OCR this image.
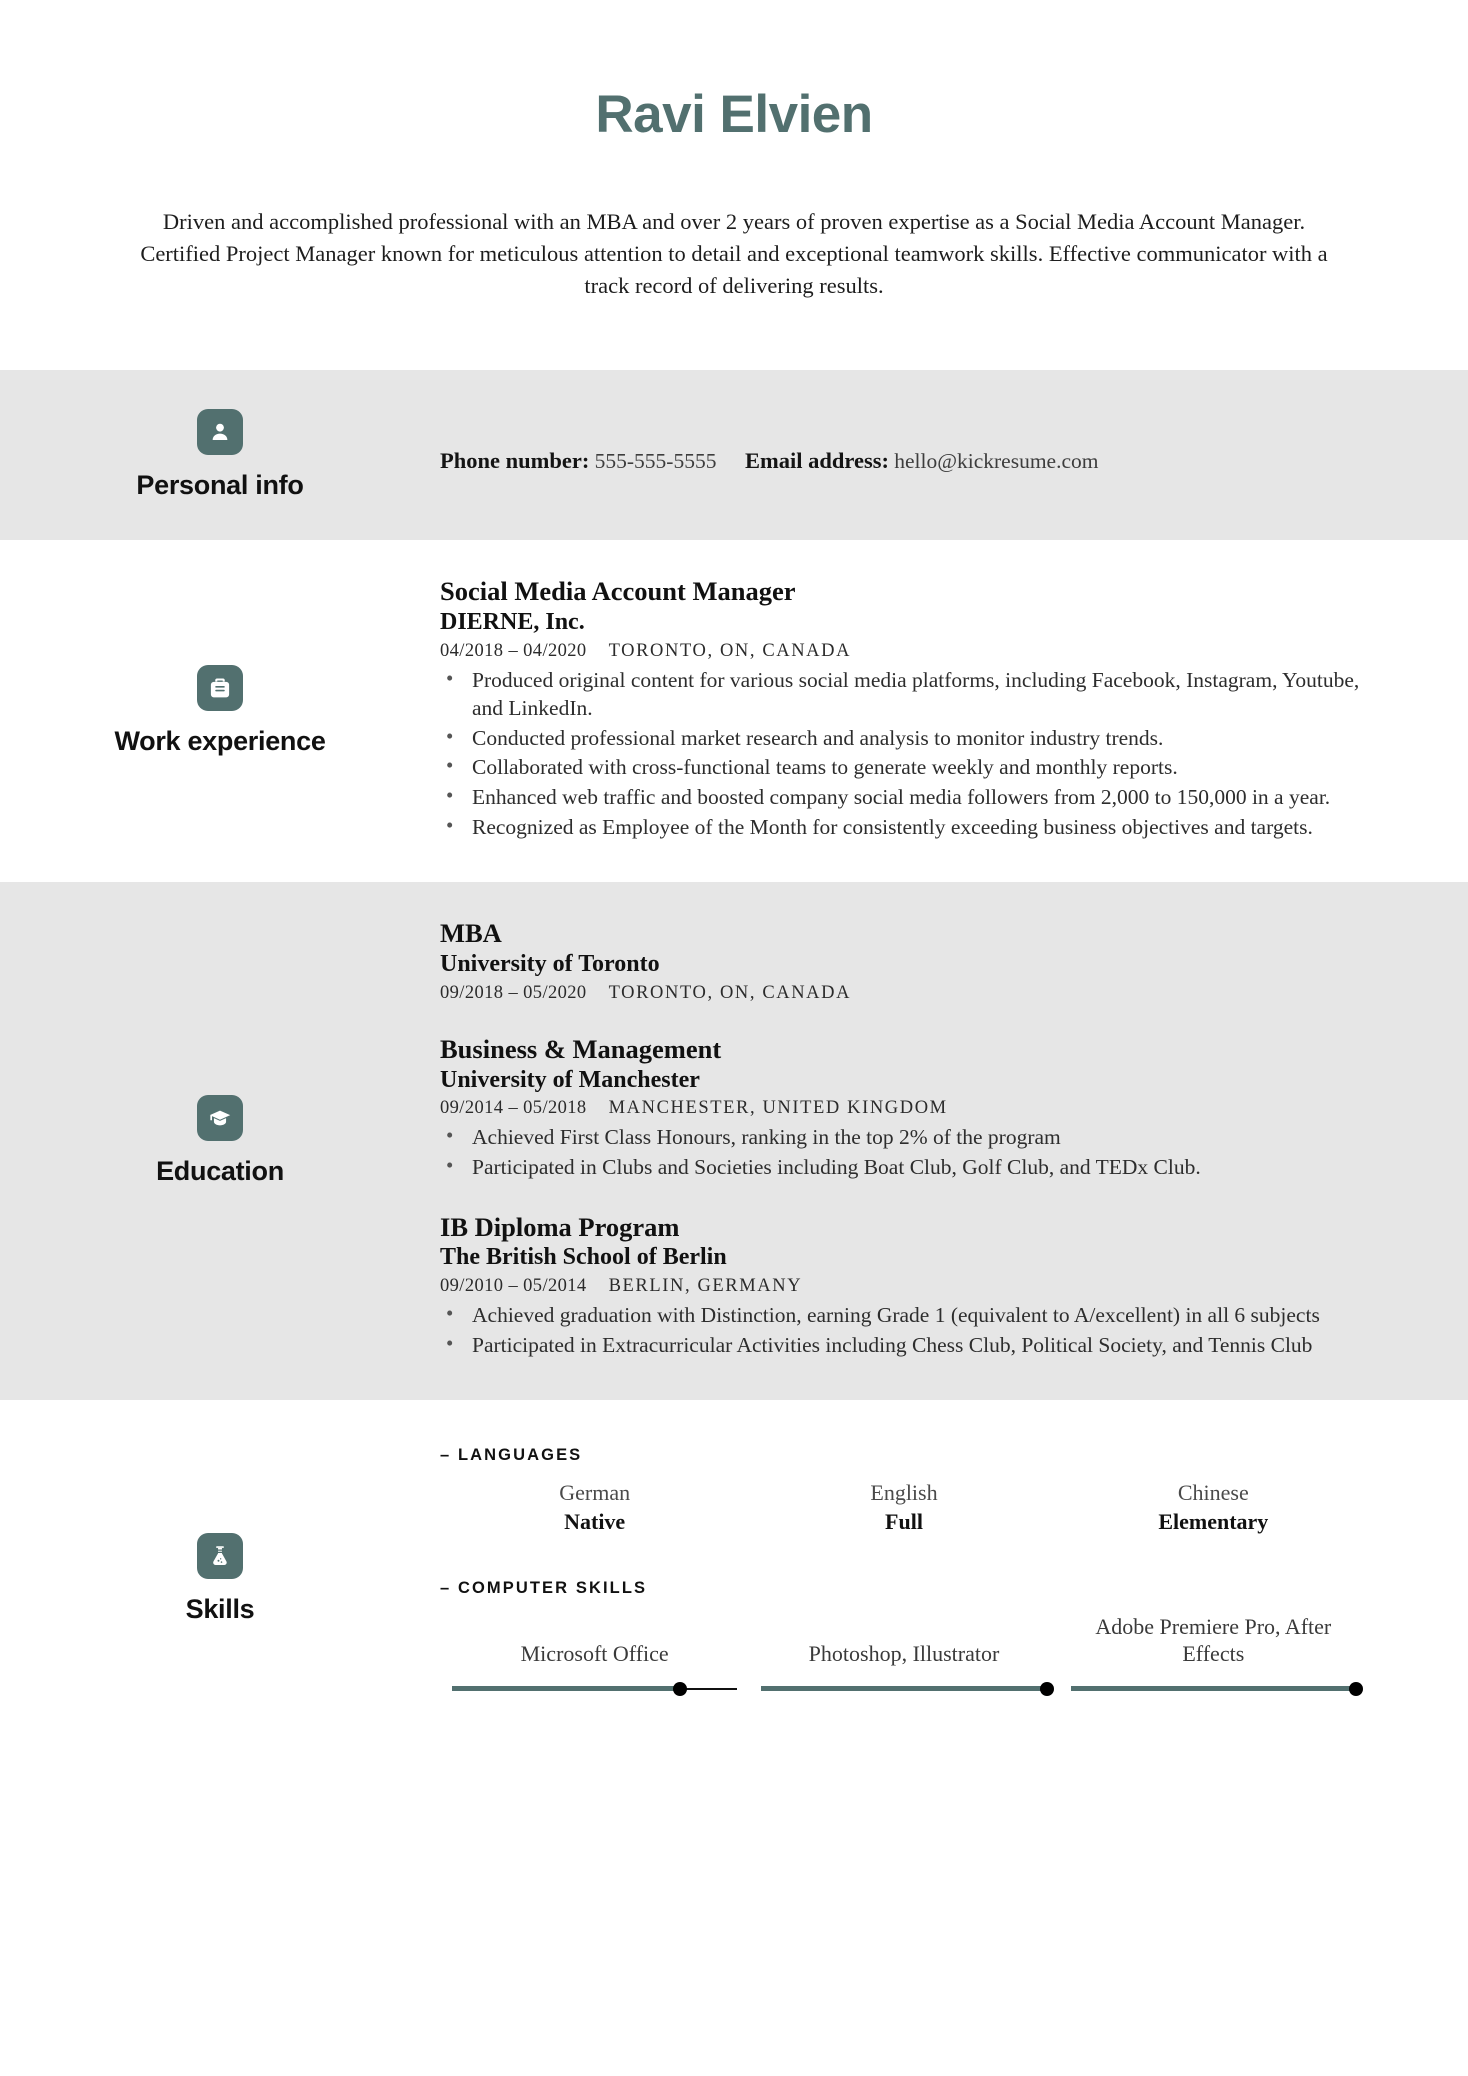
Ravi Elvien
Driven and accomplished professional with an MBA and over 2 years of proven expertise as a Social Media Account Manager. Certified Project Manager known for meticulous attention to detail and exceptional teamwork skills. Effective communicator with a track record of delivering results.
Personal info
Phone number: 555-555-5555 Email address: hello@kickresume.com
Work experience
Social Media Account Manager
DIERNE, Inc.
04/2018 – 04/2020 TORONTO, ON, CANADA
• Produced original content for various social media platforms, including Facebook, Instagram, Youtube, and LinkedIn.
• Conducted professional market research and analysis to monitor industry trends.
• Collaborated with cross-functional teams to generate weekly and monthly reports.
• Enhanced web traffic and boosted company social media followers from 2,000 to 150,000 in a year.
• Recognized as Employee of the Month for consistently exceeding business objectives and targets.
Education
MBA
University of Toronto
09/2018 – 05/2020 TORONTO, ON, CANADA
Business & Management
University of Manchester
09/2014 – 05/2018 MANCHESTER, UNITED KINGDOM
• Achieved First Class Honours, ranking in the top 2% of the program
• Participated in Clubs and Societies including Boat Club, Golf Club, and TEDx Club.
IB Diploma Program
The British School of Berlin
09/2010 – 05/2014 BERLIN, GERMANY
• Achieved graduation with Distinction, earning Grade 1 (equivalent to A/excellent) in all 6 subjects
• Participated in Extracurricular Activities including Chess Club, Political Society, and Tennis Club
Skills
– LANGUAGES
German
Native
English
Full
Chinese
Elementary
– COMPUTER SKILLS
Microsoft Office	Photoshop, Illustrator
Adobe Premiere Pro, After Effects
